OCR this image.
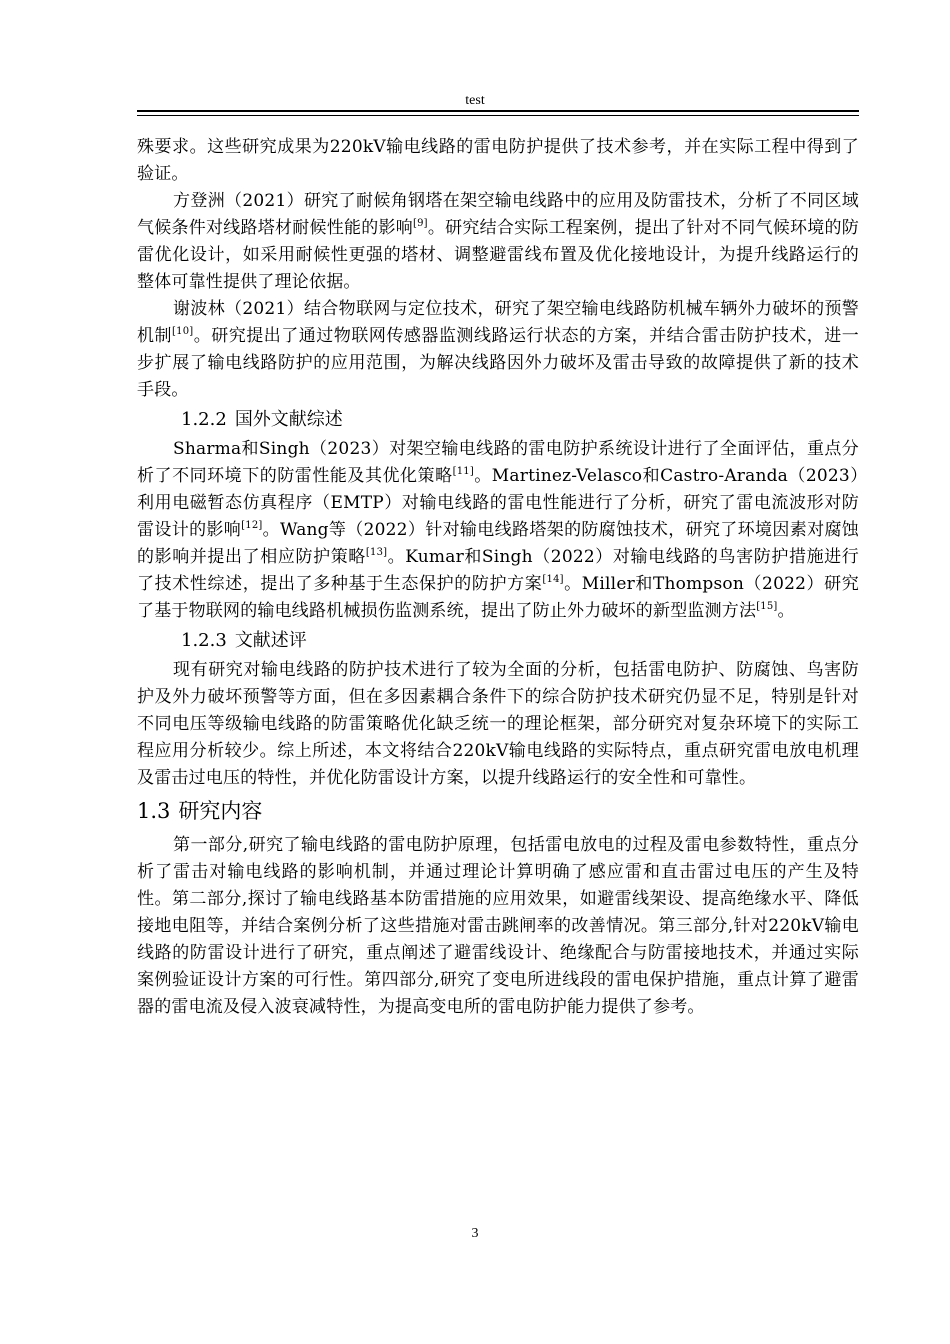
test

殊要求。这些研究成果为220kV输电线路的雷电防护提供了技术参考，并在实际工程中得到了验证。

方登洲（2021）研究了耐候角钢塔在架空输电线路中的应用及防雷技术，分析了不同区域气候条件对线路塔材耐候性能的影响[9]。研究结合实际工程案例，提出了针对不同气候环境的防雷优化设计，如采用耐候性更强的塔材、调整避雷线布置及优化接地设计，为提升线路运行的整体可靠性提供了理论依据。

谢波林（2021）结合物联网与定位技术，研究了架空输电线路防机械车辆外力破坏的预警机制[10]。研究提出了通过物联网传感器监测线路运行状态的方案，并结合雷击防护技术，进一步扩展了输电线路防护的应用范围，为解决线路因外力破坏及雷击导致的故障提供了新的技术手段。

1.2.2 国外文献综述

Sharma和Singh（2023）对架空输电线路的雷电防护系统设计进行了全面评估，重点分析了不同环境下的防雷性能及其优化策略[11]。Martinez-Velasco和Castro-Aranda（2023）利用电磁暂态仿真程序（EMTP）对输电线路的雷电性能进行了分析，研究了雷电流波形对防雷设计的影响[12]。Wang等（2022）针对输电线路塔架的防腐蚀技术，研究了环境因素对腐蚀的影响并提出了相应防护策略[13]。Kumar和Singh（2022）对输电线路的鸟害防护措施进行了技术性综述，提出了多种基于生态保护的防护方案[14]。Miller和Thompson（2022）研究了基于物联网的输电线路机械损伤监测系统，提出了防止外力破坏的新型监测方法[15]。

1.2.3 文献述评

现有研究对输电线路的防护技术进行了较为全面的分析，包括雷电防护、防腐蚀、鸟害防护及外力破坏预警等方面，但在多因素耦合条件下的综合防护技术研究仍显不足，特别是针对不同电压等级输电线路的防雷策略优化缺乏统一的理论框架，部分研究对复杂环境下的实际工程应用分析较少。综上所述，本文将结合220kV输电线路的实际特点，重点研究雷电放电机理及雷击过电压的特性，并优化防雷设计方案，以提升线路运行的安全性和可靠性。

1.3 研究内容

第一部分,研究了输电线路的雷电防护原理，包括雷电放电的过程及雷电参数特性，重点分析了雷击对输电线路的影响机制，并通过理论计算明确了感应雷和直击雷过电压的产生及特性。第二部分,探讨了输电线路基本防雷措施的应用效果，如避雷线架设、提高绝缘水平、降低接地电阻等，并结合案例分析了这些措施对雷击跳闸率的改善情况。第三部分,针对220kV输电线路的防雷设计进行了研究，重点阐述了避雷线设计、绝缘配合与防雷接地技术，并通过实际案例验证设计方案的可行性。第四部分,研究了变电所进线段的雷电保护措施，重点计算了避雷器的雷电流及侵入波衰减特性，为提高变电所的雷电防护能力提供了参考。

3
